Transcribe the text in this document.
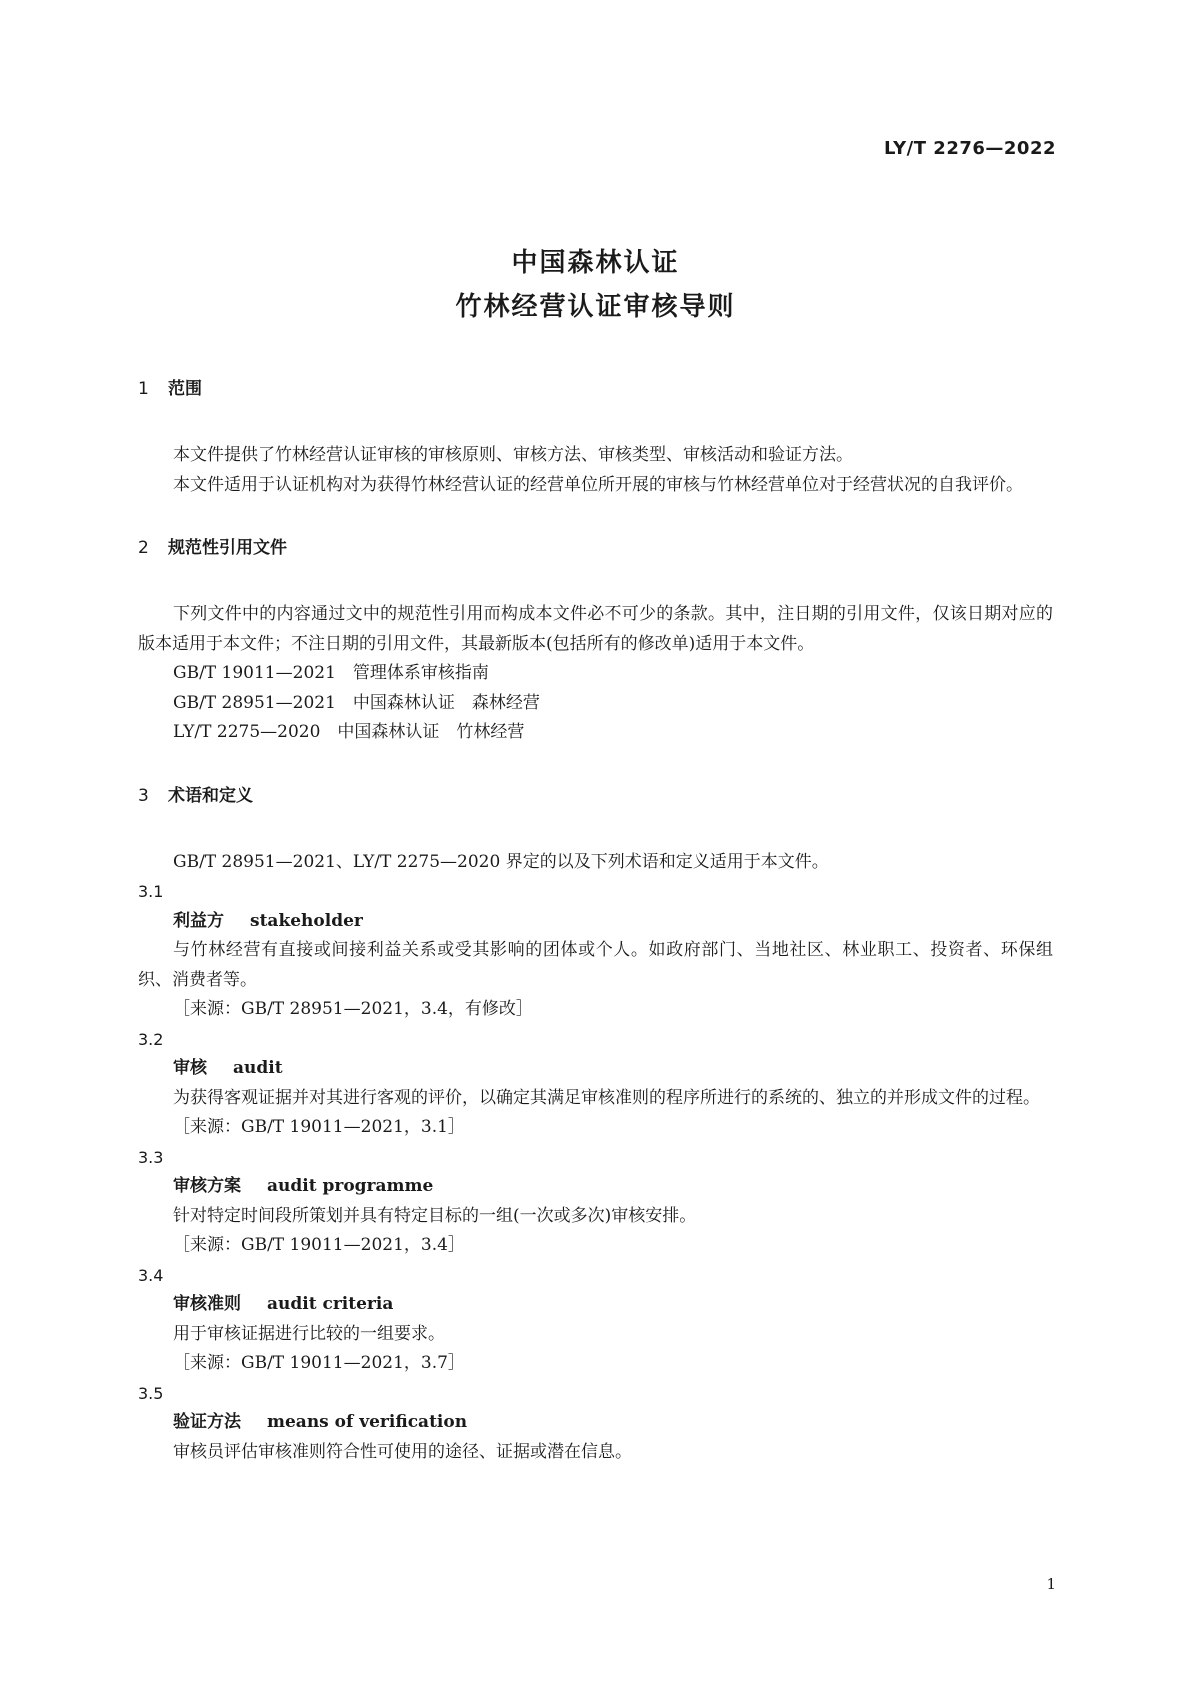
LY/T 2276—2022
中国森林认证
竹林经营认证审核导则
1 范围

本文件提供了竹林经营认证审核的审核原则、审核方法、审核类型、审核活动和验证方法。

本文件适用于认证机构对为获得竹林经营认证的经营单位所开展的审核与竹林经营单位对于经营状况的自我评价。

2 规范性引用文件

下列文件中的内容通过文中的规范性引用而构成本文件必不可少的条款。其中，注日期的引用文件，仅该日期对应的版本适用于本文件；不注日期的引用文件，其最新版本(包括所有的修改单)适用于本文件。

GB/T 19011—2021　管理体系审核指南
GB/T 28951—2021　中国森林认证　森林经营
LY/T 2275—2020　中国森林认证　竹林经营
3 术语和定义

GB/T 28951—2021、LY/T 2275—2020 界定的以及下列术语和定义适用于本文件。

3.1
利益方 stakeholder

与竹林经营有直接或间接利益关系或受其影响的团体或个人。如政府部门、当地社区、林业职工、投资者、环保组织、消费者等。

［来源：GB/T 28951—2021，3.4，有修改］
3.2
审核 audit

为获得客观证据并对其进行客观的评价，以确定其满足审核准则的程序所进行的系统的、独立的并形成文件的过程。

［来源：GB/T 19011—2021，3.1］
3.3
审核方案 audit programme

针对特定时间段所策划并具有特定目标的一组(一次或多次)审核安排。

［来源：GB/T 19011—2021，3.4］
3.4
审核准则 audit criteria

用于审核证据进行比较的一组要求。

［来源：GB/T 19011—2021，3.7］
3.5
验证方法 means of verification

审核员评估审核准则符合性可使用的途径、证据或潜在信息。

1
